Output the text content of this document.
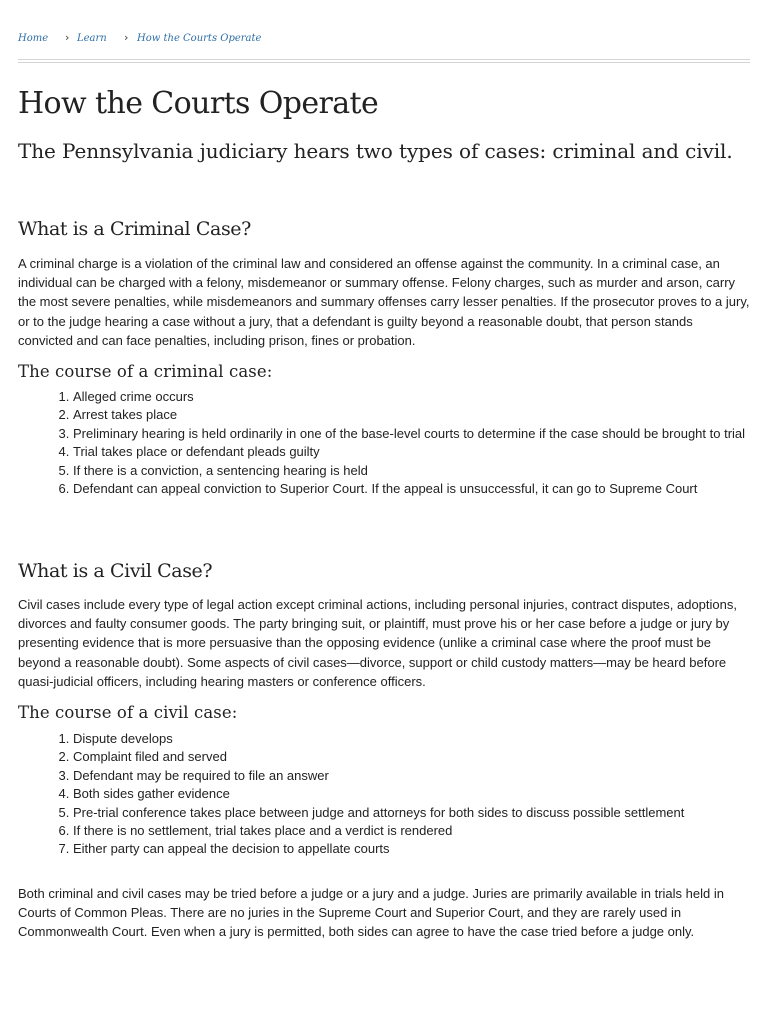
Home › Learn › How the Courts Operate
How the Courts Operate

The Pennsylvania judiciary hears two types of cases: criminal and civil.

What is a Criminal Case?

A criminal charge is a violation of the criminal law and considered an offense against the community. In a criminal case, an individual can be charged with a felony, misdemeanor or summary offense. Felony charges, such as murder and arson, carry the most severe penalties, while misdemeanors and summary offenses carry lesser penalties. If the prosecutor proves to a jury, or to the judge hearing a case without a jury, that a defendant is guilty beyond a reasonable doubt, that person stands convicted and can face penalties, including prison, fines or probation.

The course of a criminal case:
1. Alleged crime occurs
2. Arrest takes place
3. Preliminary hearing is held ordinarily in one of the base-level courts to determine if the case should be brought to trial
4. Trial takes place or defendant pleads guilty
5. If there is a conviction, a sentencing hearing is held
6. Defendant can appeal conviction to Superior Court. If the appeal is unsuccessful, it can go to Supreme Court
What is a Civil Case?

Civil cases include every type of legal action except criminal actions, including personal injuries, contract disputes, adoptions, divorces and faulty consumer goods. The party bringing suit, or plaintiff, must prove his or her case before a judge or jury by presenting evidence that is more persuasive than the opposing evidence (unlike a criminal case where the proof must be beyond a reasonable doubt). Some aspects of civil cases—divorce, support or child custody matters—may be heard before quasi-judicial officers, including hearing masters or conference officers.

The course of a civil case:
1. Dispute develops
2. Complaint filed and served
3. Defendant may be required to file an answer
4. Both sides gather evidence
5. Pre-trial conference takes place between judge and attorneys for both sides to discuss possible settlement
6. If there is no settlement, trial takes place and a verdict is rendered
7. Either party can appeal the decision to appellate courts

Both criminal and civil cases may be tried before a judge or a jury and a judge. Juries are primarily available in trials held in Courts of Common Pleas. There are no juries in the Supreme Court and Superior Court, and they are rarely used in Commonwealth Court. Even when a jury is permitted, both sides can agree to have the case tried before a judge only.
